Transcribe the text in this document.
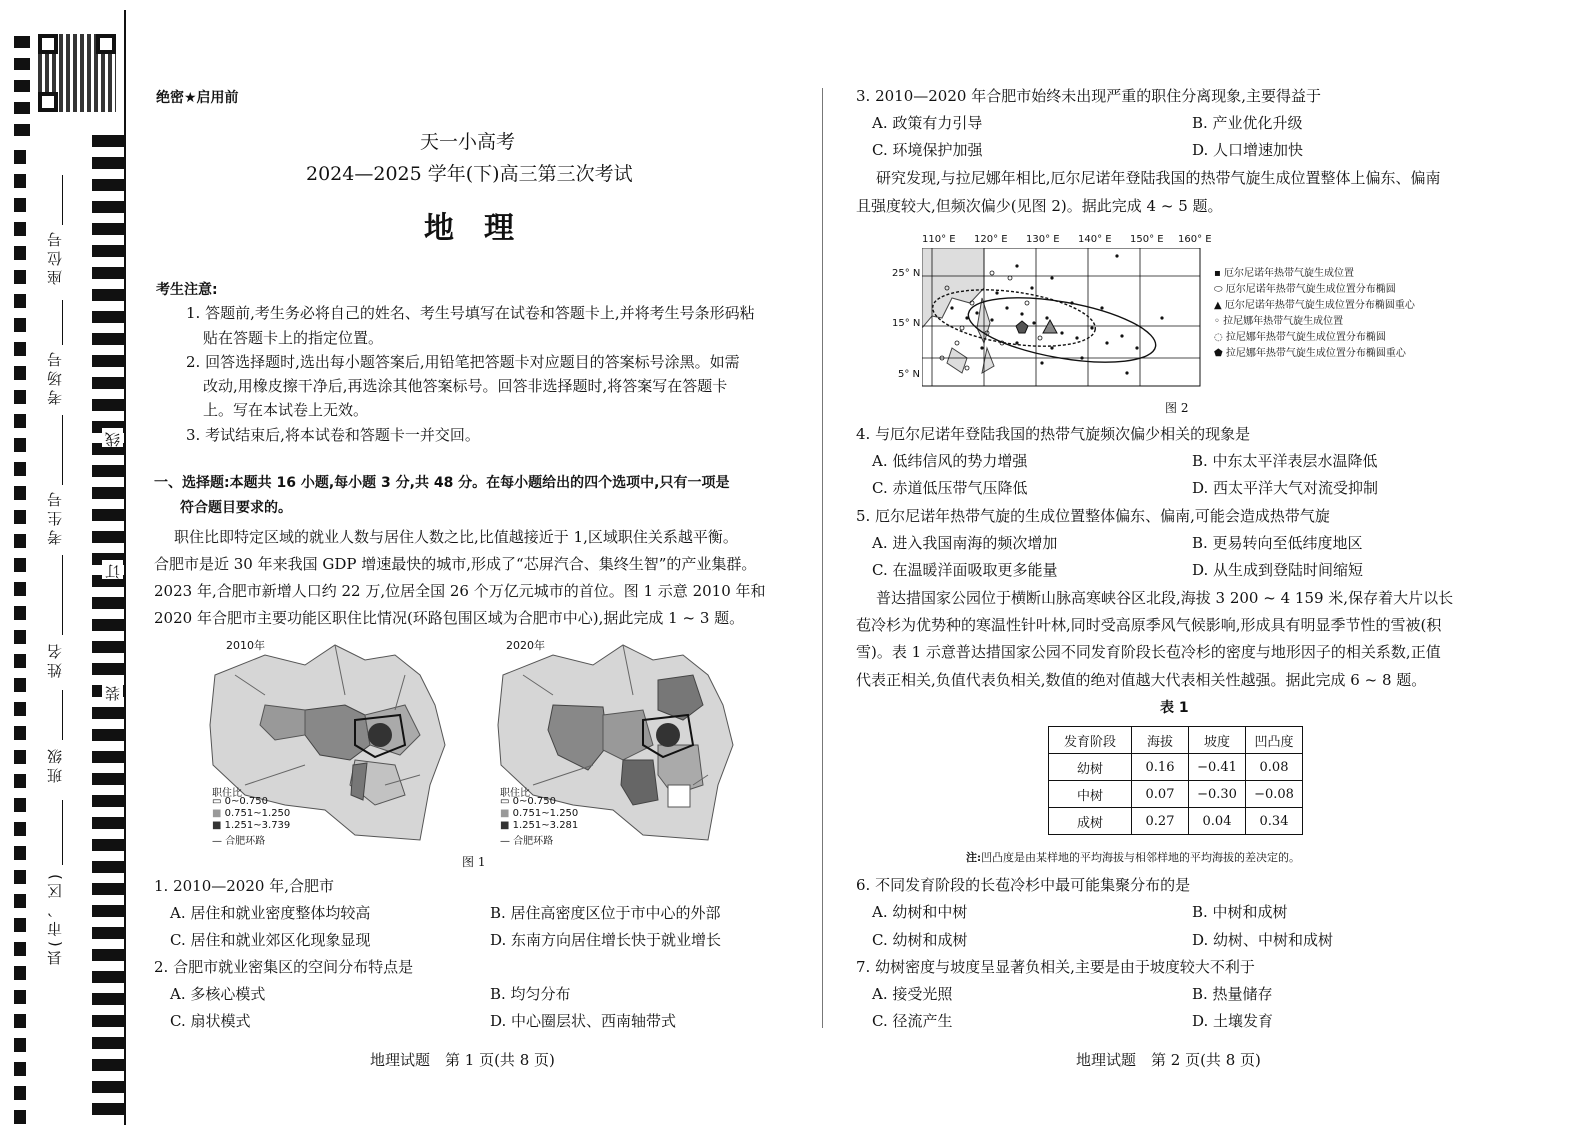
座位号
考场号
考生号
姓名
班级
县(市、区)
线
订
装
绝密★启用前
天一小高考
2024—2025 学年(下)高三第三次考试
地　理
考生注意:
1. 答题前,考生务必将自己的姓名、考生号填写在试卷和答题卡上,并将考生号条形码粘
贴在答题卡上的指定位置。
2. 回答选择题时,选出每小题答案后,用铅笔把答题卡对应题目的答案标号涂黑。如需
改动,用橡皮擦干净后,再选涂其他答案标号。回答非选择题时,将答案写在答题卡
上。写在本试卷上无效。
3. 考试结束后,将本试卷和答题卡一并交回。
一、选择题:本题共 16 小题,每小题 3 分,共 48 分。在每小题给出的四个选项中,只有一项是
符合题目要求的。
职住比即特定区域的就业人数与居住人数之比,比值越接近于 1,区域职住关系越平衡。
合肥市是近 30 年来我国 GDP 增速最快的城市,形成了“芯屏汽合、集终生智”的产业集群。
2023 年,合肥市新增人口约 22 万,位居全国 26 个万亿元城市的首位。图 1 示意 2010 年和
2020 年合肥市主要功能区职住比情况(环路包围区域为合肥市中心),据此完成 1 ~ 3 题。
2010年
职住比
▭ 0~0.750
■ 0.751~1.250
■ 1.251~3.739
— 合肥环路
2020年
职住比
▭ 0~0.750
■ 0.751~1.250
■ 1.251~3.281
— 合肥环路
图 1
1. 2010—2020 年,合肥市
A. 居住和就业密度整体均较高	B. 居住高密度区位于市中心的外部
C. 居住和就业郊区化现象显现	D. 东南方向居住增长快于就业增长
2. 合肥市就业密集区的空间分布特点是
A. 多核心模式	B. 均匀分布
C. 扇状模式	D. 中心圈层状、西南轴带式
地理试题　第 1 页(共 8 页)
3. 2010—2020 年合肥市始终未出现严重的职住分离现象,主要得益于
A. 政策有力引导	B. 产业优化升级
C. 环境保护加强	D. 人口增速加快
研究发现,与拉尼娜年相比,厄尔尼诺年登陆我国的热带气旋生成位置整体上偏东、偏南
且强度较大,但频次偏少(见图 2)。据此完成 4 ~ 5 题。
110° E 120° E 130° E 140° E 150° E 160° E
25° N
15° N
5° N
▪ 厄尔尼诺年热带气旋生成位置
⬭ 厄尔尼诺年热带气旋生成位置分布椭圆
▲ 厄尔尼诺年热带气旋生成位置分布椭圆重心
◦ 拉尼娜年热带气旋生成位置
◌ 拉尼娜年热带气旋生成位置分布椭圆
⬟ 拉尼娜年热带气旋生成位置分布椭圆重心
图 2
4. 与厄尔尼诺年登陆我国的热带气旋频次偏少相关的现象是
A. 低纬信风的势力增强	B. 中东太平洋表层水温降低
C. 赤道低压带气压降低	D. 西太平洋大气对流受抑制
5. 厄尔尼诺年热带气旋的生成位置整体偏东、偏南,可能会造成热带气旋
A. 进入我国南海的频次增加	B. 更易转向至低纬度地区
C. 在温暖洋面吸取更多能量	D. 从生成到登陆时间缩短
普达措国家公园位于横断山脉高寒峡谷区北段,海拔 3 200 ~ 4 159 米,保存着大片以长
苞冷杉为优势种的寒温性针叶林,同时受高原季风气候影响,形成具有明显季节性的雪被(积
雪)。表 1 示意普达措国家公园不同发育阶段长苞冷杉的密度与地形因子的相关系数,正值
代表正相关,负值代表负相关,数值的绝对值越大代表相关性越强。据此完成 6 ~ 8 题。
表 1
发育阶段	海拔	坡度	凹凸度
幼树	0.16	−0.41	0.08
中树	0.07	−0.30	−0.08
成树	0.27	0.04	0.34
注:凹凸度是由某样地的平均海拔与相邻样地的平均海拔的差决定的。
6. 不同发育阶段的长苞冷杉中最可能集聚分布的是
A. 幼树和中树	B. 中树和成树
C. 幼树和成树	D. 幼树、中树和成树
7. 幼树密度与坡度呈显著负相关,主要是由于坡度较大不利于
A. 接受光照	B. 热量储存
C. 径流产生	D. 土壤发育
地理试题　第 2 页(共 8 页)
